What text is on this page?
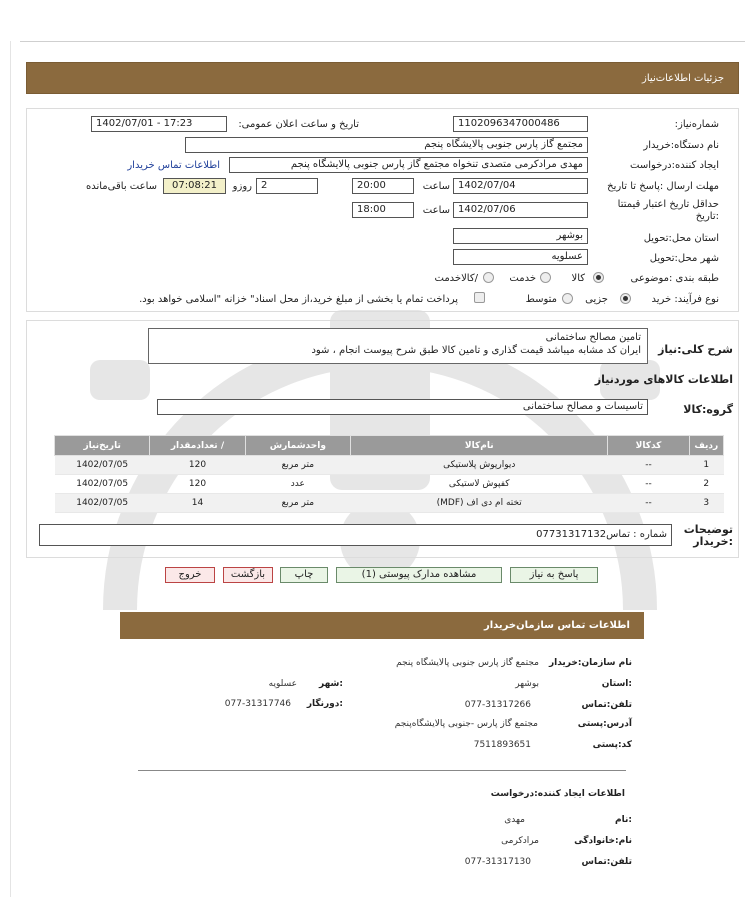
جزئیات اطلاعات‌نیاز
شماره‌نیاز:
1102096347000486
تاریخ و ساعت اعلان عمومی:
1402/07/01 - 17:23
نام دستگاه:خریدار
مجتمع گاز پارس جنوبی پالایشگاه پنجم
ایجاد کننده:درخواست
مهدی مرادکرمی متصدی تنخواه مجتمع گاز پارس جنوبی پالایشگاه پنجم
اطلاعات تماس خریدار
مهلت ارسال :پاسخ تا تاریخ
1402/07/04
ساعت
20:00
2
روزو
07:08:21
ساعت باقی‌مانده
حداقل تاریخ اعتبار قیمتتا :تاریخ
1402/07/06
ساعت
18:00
استان محل:تحویل
بوشهر
شهر محل:تحویل
عسلویه
طبقه بندی :موضوعی
کالا
خدمت
/کالاخدمت
نوع فرآیند: خرید
جزیی
متوسط
پرداخت تمام یا بخشی از مبلغ خرید،از محل اسناد" خزانه "اسلامی خواهد بود.
شرح کلی:نیاز
تامین مصالح ساختمانی
ایران کد مشابه میباشد قیمت گذاری و تامین کالا طبق شرح پیوست انجام ، شود
اطلاعات کالاهای موردنیاز
گروه:کالا
تاسیسات و مصالح ساختمانی
ردیف	کدکالا	نام‌کالا	واحدشمارش	/ تعدادمقدار	تاریخ‌نیاز
1	--	دیوارپوش پلاستیکی	متر مربع	120	1402/07/05
2	--	کفپوش لاستیکی	عدد	120	1402/07/05
3	--	تخته ام دی اف (MDF)	متر مربع	14	1402/07/05
توضیحات :خریدار
شماره : تماس07731317132
پاسخ به نیاز
مشاهده مدارک پیوستی (1)
چاپ
بازگشت
خروج
اطلاعات تماس سازمان‌خریدار
نام سازمان:خریدار
مجتمع گاز پارس جنوبی پالایشگاه پنجم
:استان
بوشهر
:شهر
عسلویه
تلفن:تماس
077-31317266
:دورنگار
077-31317746
آدرس:پستی
مجتمع گاز پارس -جنوبی پالایشگاه‌پنجم
کد:پستی
7511893651
اطلاعات ایجاد کننده:درخواست
:نام
مهدی
نام:خانوادگی
مرادکرمی
تلفن:تماس
077-31317130
